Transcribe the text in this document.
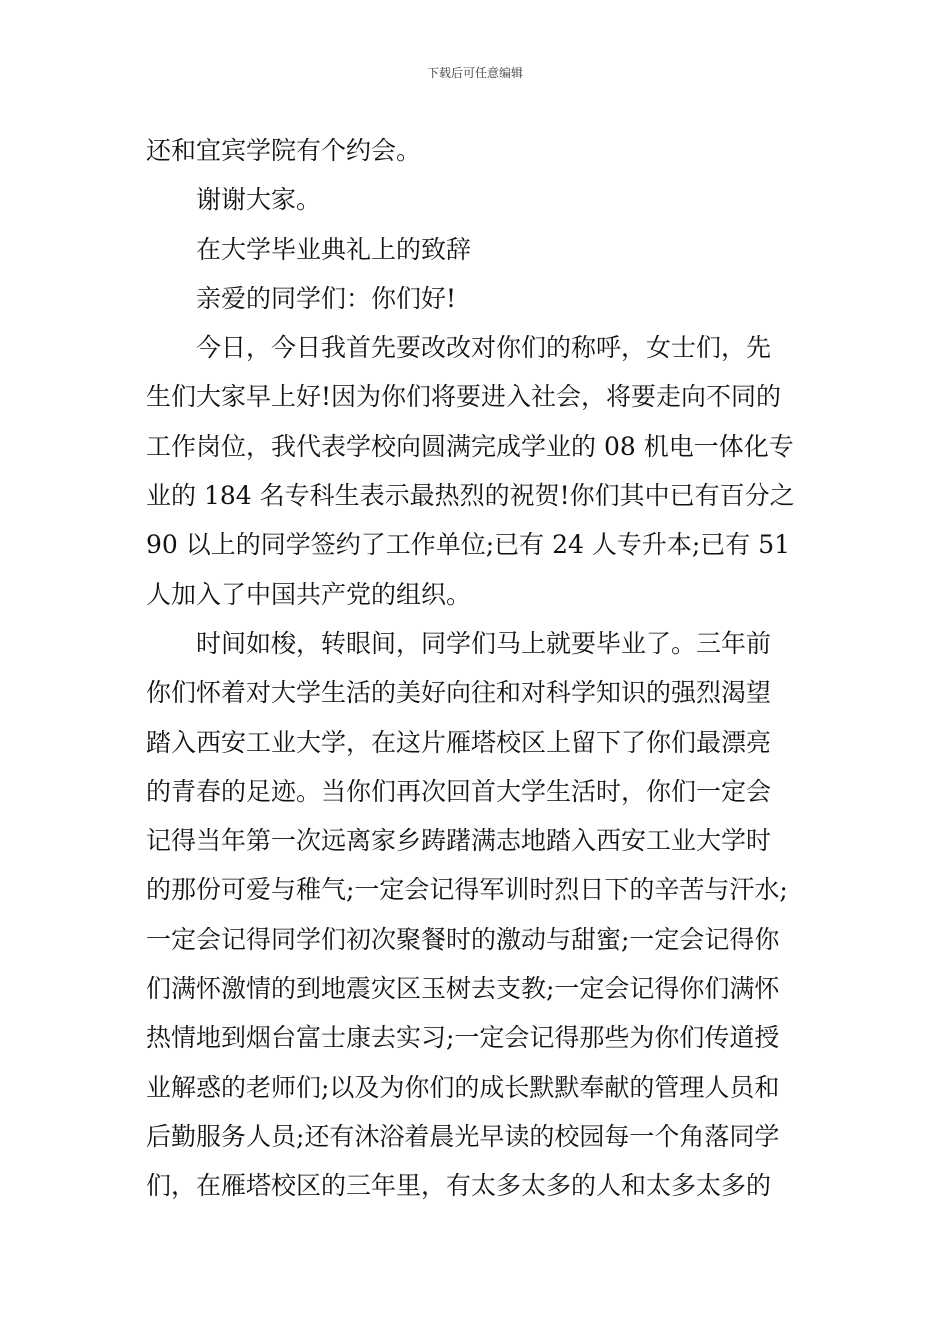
下载后可任意编辑
还和宜宾学院有个约会。
谢谢大家。
在大学毕业典礼上的致辞
亲爱的同学们：你们好!
今日，今日我首先要改改对你们的称呼，女士们，先
生们大家早上好!因为你们将要进入社会，将要走向不同的
工作岗位，我代表学校向圆满完成学业的 08 机电一体化专
业的 184 名专科生表示最热烈的祝贺!你们其中已有百分之
90 以上的同学签约了工作单位;已有 24 人专升本;已有 51
人加入了中国共产党的组织。
时间如梭，转眼间，同学们马上就要毕业了。三年前
你们怀着对大学生活的美好向往和对科学知识的强烈渴望
踏入西安工业大学，在这片雁塔校区上留下了你们最漂亮
的青春的足迹。当你们再次回首大学生活时，你们一定会
记得当年第一次远离家乡踌躇满志地踏入西安工业大学时
的那份可爱与稚气;一定会记得军训时烈日下的辛苦与汗水;
一定会记得同学们初次聚餐时的激动与甜蜜;一定会记得你
们满怀激情的到地震灾区玉树去支教;一定会记得你们满怀
热情地到烟台富士康去实习;一定会记得那些为你们传道授
业解惑的老师们;以及为你们的成长默默奉献的管理人员和
后勤服务人员;还有沐浴着晨光早读的校园每一个角落同学
们，在雁塔校区的三年里，有太多太多的人和太多太多的
